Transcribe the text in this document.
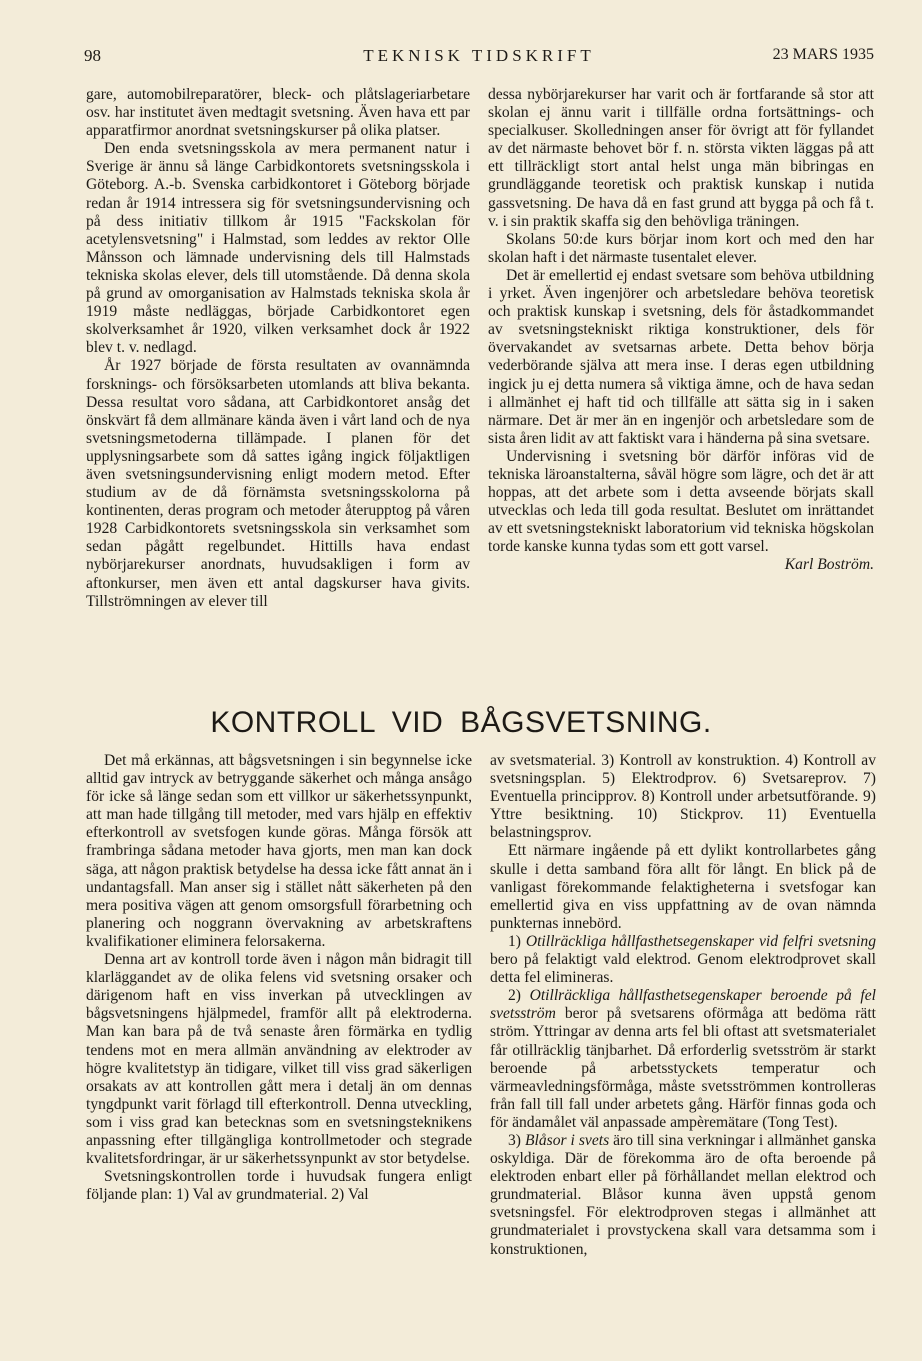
98	TEKNISK TIDSKRIFT	23 MARS 1935

gare, automobilreparatörer, bleck- och plåtslageriarbetare osv. har institutet även medtagit svetsning. Även hava ett par apparatfirmor anordnat svetsningskurser på olika platser.

Den enda svetsningsskola av mera permanent natur i Sverige är ännu så länge Carbidkontorets svetsningsskola i Göteborg. A.-b. Svenska carbidkontoret i Göteborg började redan år 1914 intressera sig för svetsningsundervisning och på dess initiativ tillkom år 1915 "Fackskolan för acetylensvetsning" i Halmstad, som leddes av rektor Olle Månsson och lämnade undervisning dels till Halmstads tekniska skolas elever, dels till utomstående. Då denna skola på grund av omorganisation av Halmstads tekniska skola år 1919 måste nedläggas, började Carbidkontoret egen skolverksamhet år 1920, vilken verksamhet dock år 1922 blev t. v. nedlagd.

År 1927 började de första resultaten av ovannämnda forsknings- och försöksarbeten utomlands att bliva bekanta. Dessa resultat voro sådana, att Carbidkontoret ansåg det önskvärt få dem allmänare kända även i vårt land och de nya svetsningsmetoderna tillämpade. I planen för det upplysningsarbete som då sattes igång ingick följaktligen även svetsningsundervisning enligt modern metod. Efter studium av de då förnämsta svetsningsskolorna på kontinenten, deras program och metoder återupptog på våren 1928 Carbidkontorets svetsningsskola sin verksamhet som sedan pågått regelbundet. Hittills hava endast nybörjarekurser anordnats, huvudsakligen i form av aftonkurser, men även ett antal dagskurser hava givits. Tillströmningen av elever till

dessa nybörjarekurser har varit och är fortfarande så stor att skolan ej ännu varit i tillfälle ordna fortsättnings- och specialkuser. Skolledningen anser för övrigt att för fyllandet av det närmaste behovet bör f. n. största vikten läggas på att ett tillräckligt stort antal helst unga män bibringas en grundläggande teoretisk och praktisk kunskap i nutida gassvetsning. De hava då en fast grund att bygga på och få t. v. i sin praktik skaffa sig den behövliga träningen.

Skolans 50:de kurs börjar inom kort och med den har skolan haft i det närmaste tusentalet elever.

Det är emellertid ej endast svetsare som behöva utbildning i yrket. Även ingenjörer och arbetsledare behöva teoretisk och praktisk kunskap i svetsning, dels för åstadkommandet av svetsningstekniskt riktiga konstruktioner, dels för övervakandet av svetsarnas arbete. Detta behov börja vederbörande själva att mera inse. I deras egen utbildning ingick ju ej detta numera så viktiga ämne, och de hava sedan i allmänhet ej haft tid och tillfälle att sätta sig in i saken närmare. Det är mer än en ingenjör och arbetsledare som de sista åren lidit av att faktiskt vara i händerna på sina svetsare.

Undervisning i svetsning bör därför införas vid de tekniska läroanstalterna, såväl högre som lägre, och det är att hoppas, att det arbete som i detta avseende börjats skall utvecklas och leda till goda resultat. Beslutet om inrättandet av ett svetsningstekniskt laboratorium vid tekniska högskolan torde kanske kunna tydas som ett gott varsel.

Karl Boström.

KONTROLL VID BÅGSVETSNING.

Det må erkännas, att bågsvetsningen i sin begynnelse icke alltid gav intryck av betryggande säkerhet och många ansågo för icke så länge sedan som ett villkor ur säkerhetssynpunkt, att man hade tillgång till metoder, med vars hjälp en effektiv efterkontroll av svetsfogen kunde göras. Många försök att frambringa sådana metoder hava gjorts, men man kan dock säga, att någon praktisk betydelse ha dessa icke fått annat än i undantagsfall. Man anser sig i stället nått säkerheten på den mera positiva vägen att genom omsorgsfull förarbetning och planering och noggrann övervakning av arbetskraftens kvalifikationer eliminera felorsakerna.

Denna art av kontroll torde även i någon mån bidragit till klarläggandet av de olika felens vid svetsning orsaker och därigenom haft en viss inverkan på utvecklingen av bågsvetsningens hjälpmedel, framför allt på elektroderna. Man kan bara på de två senaste åren förmärka en tydlig tendens mot en mera allmän användning av elektroder av högre kvalitetstyp än tidigare, vilket till viss grad säkerligen orsakats av att kontrollen gått mera i detalj än om dennas tyngdpunkt varit förlagd till efterkontroll. Denna utveckling, som i viss grad kan betecknas som en svetsningsteknikens anpassning efter tillgängliga kontrollmetoder och stegrade kvalitetsfordringar, är ur säkerhetssynpunkt av stor betydelse.

Svetsningskontrollen torde i huvudsak fungera enligt följande plan: 1) Val av grundmaterial. 2) Val

av svetsmaterial. 3) Kontroll av konstruktion. 4) Kontroll av svetsningsplan. 5) Elektrodprov. 6) Svetsareprov. 7) Eventuella principprov. 8) Kontroll under arbetsutförande. 9) Yttre besiktning. 10) Stickprov. 11) Eventuella belastningsprov.

Ett närmare ingående på ett dylikt kontrollarbetes gång skulle i detta samband föra allt för långt. En blick på de vanligast förekommande felaktigheterna i svetsfogar kan emellertid giva en viss uppfattning av de ovan nämnda punkternas innebörd.

1) Otillräckliga hållfasthetsegenskaper vid felfri svetsning bero på felaktigt vald elektrod. Genom elektrodprovet skall detta fel elimineras.

2) Otillräckliga hållfasthetsegenskaper beroende på fel svetsström beror på svetsarens oförmåga att bedöma rätt ström. Yttringar av denna arts fel bli oftast att svetsmaterialet får otillräcklig tänjbarhet. Då erforderlig svetsström är starkt beroende på arbetsstyckets temperatur och värmeavledningsförmåga, måste svetsströmmen kontrolleras från fall till fall under arbetets gång. Härför finnas goda och för ändamålet väl anpassade ampèremätare (Tong Test).

3) Blåsor i svets äro till sina verkningar i allmänhet ganska oskyldiga. Där de förekomma äro de ofta beroende på elektroden enbart eller på förhållandet mellan elektrod och grundmaterial. Blåsor kunna även uppstå genom svetsningsfel. För elektrodproven stegas i allmänhet att grundmaterialet i provstyckena skall vara detsamma som i konstruktionen,
